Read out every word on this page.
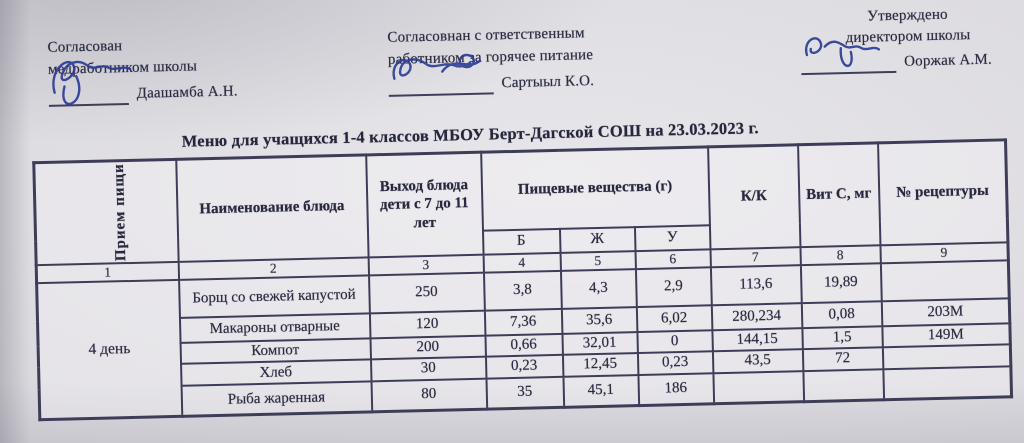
Согласован
медработником школы
Даашамба А.Н.
Согласовнан с ответственным
работником за горячее питание
Сартыыл К.О.
Утверждено
директором школы
Ооржак А.М.
Меню для учащихся 1-4 классов МБОУ Берт-Дагской СОШ на 23.03.2023 г.
Прием пищи	Наименование блюда	Выход блюда дети с 7 до 11 лет	Пищевые вещества (г)			К/К	Вит С, мг	№ рецептуры
			Б	Ж	У			
1	2	3	4	5	6	7	8	9
4 день	Борщ со свежей капустой	250	3,8	4,3	2,9	113,6	19,89	
	Макароны отварные	120	7,36	35,6	6,02	280,234	0,08	203М
	Компот	200	0,66	32,01	0	144,15	1,5	149М
	Хлеб	30	0,23	12,45	0,23	43,5	72	
	Рыба жаренная	80	35	45,1	186			
